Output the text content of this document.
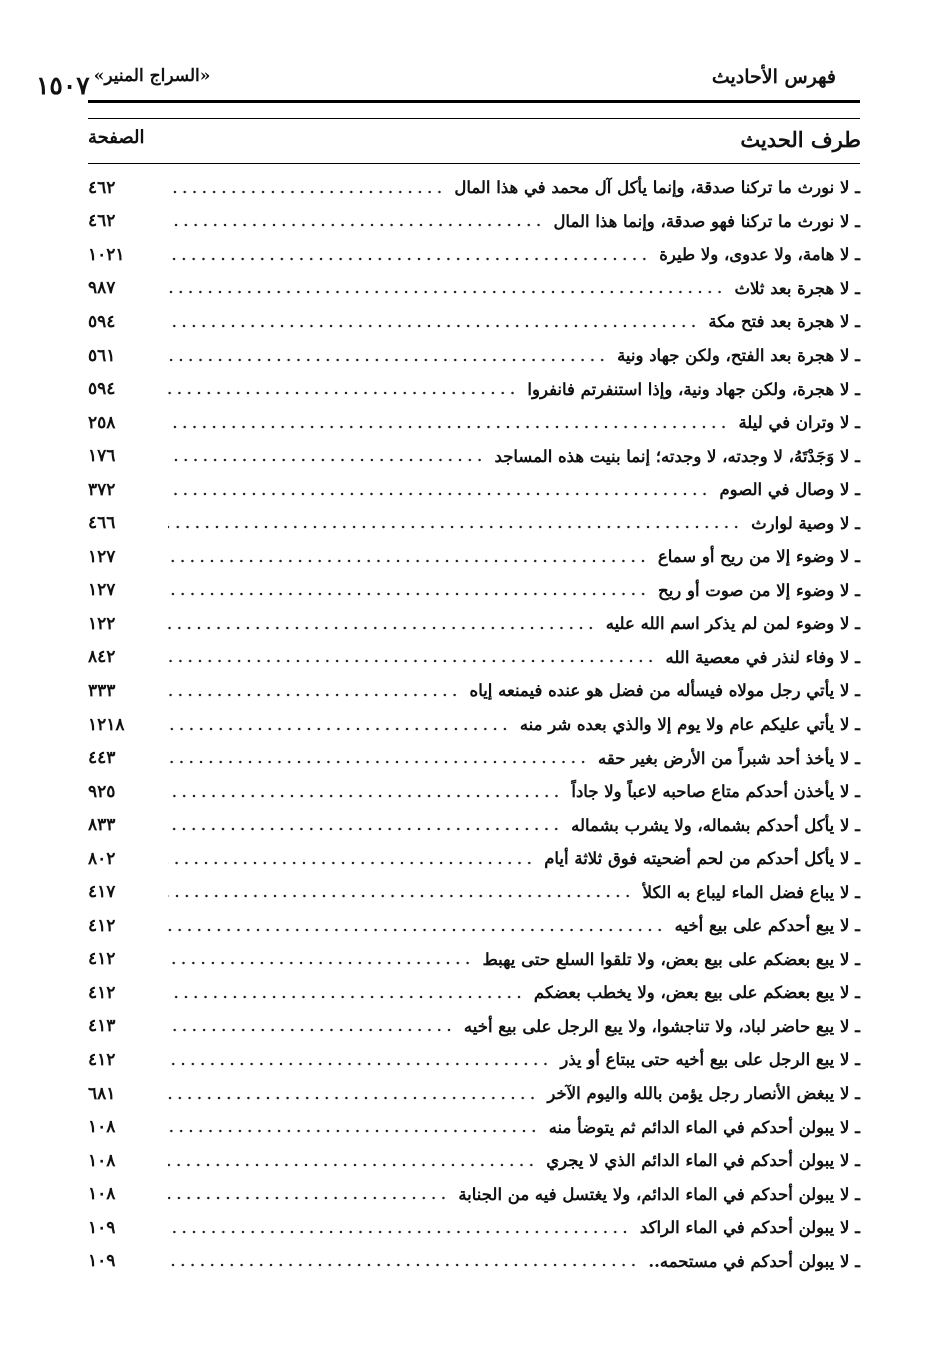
فهرس الأحاديث
١٥٠٧ «السراج المنير»
طرف الحديث
الصفحة
ـ لا نورث ما تركنا صدقة، وإنما يأكل آل محمد في هذا المال
٤٦٢
ـ لا نورث ما تركنا فهو صدقة، وإنما هذا المال
٤٦٢
ـ لا هامة، ولا عدوى، ولا طيرة
١٠٢١
ـ لا هجرة بعد ثلاث
٩٨٧
ـ لا هجرة بعد فتح مكة
٥٩٤
ـ لا هجرة بعد الفتح، ولكن جهاد ونية
٥٦١
ـ لا هجرة، ولكن جهاد ونية، وإذا استنفرتم فانفروا
٥٩٤
ـ لا وتران في ليلة
٢٥٨
ـ لا وَجَدْتَهُ، لا وجدته، لا وجدته؛ إنما بنيت هذه المساجد
١٧٦
ـ لا وصال في الصوم
٣٧٢
ـ لا وصية لوارث
٤٦٦
ـ لا وضوء إلا من ريح أو سماع
١٢٧
ـ لا وضوء إلا من صوت أو ريح
١٢٧
ـ لا وضوء لمن لم يذكر اسم الله عليه
١٢٢
ـ لا وفاء لنذر في معصية الله
٨٤٢
ـ لا يأتي رجل مولاه فيسأله من فضل هو عنده فيمنعه إياه
٣٣٣
ـ لا يأتي عليكم عام ولا يوم إلا والذي بعده شر منه
١٢١٨
ـ لا يأخذ أحد شبراً من الأرض بغير حقه
٤٤٣
ـ لا يأخذن أحدكم متاع صاحبه لاعباً ولا جاداً
٩٢٥
ـ لا يأكل أحدكم بشماله، ولا يشرب بشماله
٨٣٣
ـ لا يأكل أحدكم من لحم أضحيته فوق ثلاثة أيام
٨٠٢
ـ لا يباع فضل الماء ليباع به الكلأ
٤١٧
ـ لا يبع أحدكم على بيع أخيه
٤١٢
ـ لا يبع بعضكم على بيع بعض، ولا تلقوا السلع حتى يهبط
٤١٢
ـ لا يبع بعضكم على بيع بعض، ولا يخطب بعضكم
٤١٢
ـ لا يبع حاضر لباد، ولا تناجشوا، ولا يبع الرجل على بيع أخيه
٤١٣
ـ لا يبع الرجل على بيع أخيه حتى يبتاع أو يذر
٤١٢
ـ لا يبغض الأنصار رجل يؤمن بالله واليوم الآخر
٦٨١
ـ لا يبولن أحدكم في الماء الدائم ثم يتوضأ منه
١٠٨
ـ لا يبولن أحدكم في الماء الدائم الذي لا يجري
١٠٨
ـ لا يبولن أحدكم في الماء الدائم، ولا يغتسل فيه من الجنابة
١٠٨
ـ لا يبولن أحدكم في الماء الراكد
١٠٩
ـ لا يبولن أحدكم في مستحمه..
١٠٩
